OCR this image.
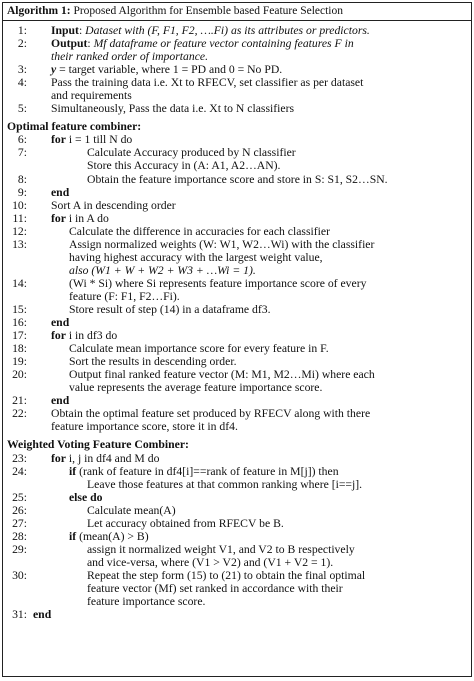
Algorithm 1: Proposed Algorithm for Ensemble based Feature Selection
1:	Input: Dataset with (F, F1, F2, ….Fi) as its attributes or predictors.
2:	Output: Mf dataframe or feature vector containing features F in
their ranked order of importance.
3:	y = target variable, where 1 = PD and 0 = No PD.
4:	Pass the training data i.e. Xt to RFECV, set classifier as per dataset
and requirements
5:	Simultaneously, Pass the data i.e. Xt to N classifiers
Optimal feature combiner:
6:	for i = 1 till N do
7:	Calculate Accuracy produced by N classifier
Store this Accuracy in (A: A1, A2…AN).
8:	Obtain the feature importance score and store in S: S1, S2…SN.
9:	end
10:	Sort A in descending order
11:	for i in A do
12:	Calculate the difference in accuracies for each classifier
13:	Assign normalized weights (W: W1, W2…Wi) with the classifier
having highest accuracy with the largest weight value,
also (W1 + W + W2 + W3 + …Wi = 1).
14:	(Wi * Si) where Si represents feature importance score of every
feature (F: F1, F2…Fi).
15:	Store result of step (14) in a dataframe df3.
16:	end
17:	for i in df3 do
18:	Calculate mean importance score for every feature in F.
19:	Sort the results in descending order.
20:	Output final ranked feature vector (M: M1, M2…Mi) where each
value represents the average feature importance score.
21:	end
22:	Obtain the optimal feature set produced by RFECV along with there
feature importance score, store it in df4.
Weighted Voting Feature Combiner:
23:	for i, j in df4 and M do
24:	if (rank of feature in df4[i]==rank of feature in M[j]) then
Leave those features at that common ranking where [i==j].
25:	else do
26:	Calculate mean(A)
27:	Let accuracy obtained from RFECV be B.
28:	if (mean(A) > B)
29:	assign it normalized weight V1, and V2 to B respectively
and vice-versa, where (V1 > V2) and (V1 + V2 = 1).
30:	Repeat the step form (15) to (21) to obtain the final optimal
feature vector (Mf) set ranked in accordance with their
feature importance score.
31: end
